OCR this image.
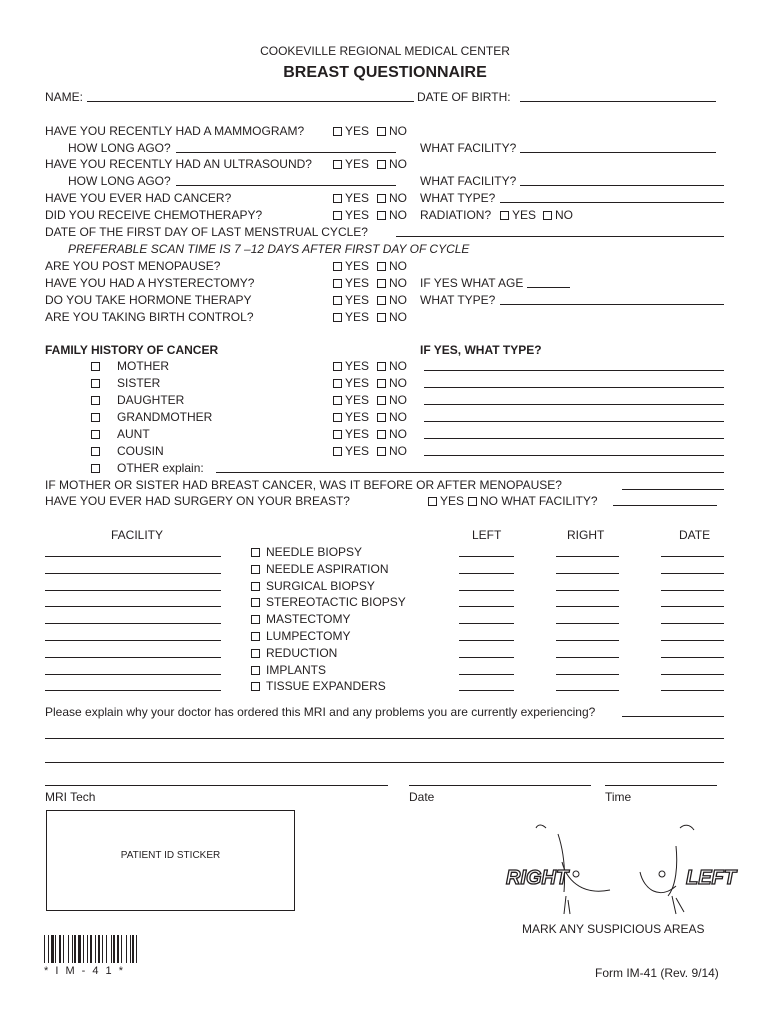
COOKEVILLE REGIONAL MEDICAL CENTER
BREAST QUESTIONNAIRE
NAME:	DATE OF BIRTH:
HAVE YOU RECENTLY HAD A MAMMOGRAM?	YES NO
HOW LONG AGO?	WHAT FACILITY?
HAVE YOU RECENTLY HAD AN ULTRASOUND?	YES NO
HOW LONG AGO?	WHAT FACILITY?
HAVE YOU EVER HAD CANCER?	YES NO WHAT TYPE?
DID YOU RECEIVE CHEMOTHERAPY?	YES NO RADIATION? YES NO
DATE OF THE FIRST DAY OF LAST MENSTRUAL CYCLE?
PREFERABLE SCAN TIME IS 7 –12 DAYS AFTER FIRST DAY OF CYCLE
ARE YOU POST MENOPAUSE?	YES NO
HAVE YOU HAD A HYSTERECTOMY?	YES NO IF YES WHAT AGE
DO YOU TAKE HORMONE THERAPY	YES NO WHAT TYPE?
ARE YOU TAKING BIRTH CONTROL?	YES NO
FAMILY HISTORY OF CANCER	IF YES, WHAT TYPE?
MOTHER	YES NO
SISTER	YES NO
DAUGHTER	YES NO
GRANDMOTHER	YES NO
AUNT	YES NO
COUSIN	YES NO
OTHER explain:
IF MOTHER OR SISTER HAD BREAST CANCER, WAS IT BEFORE OR AFTER MENOPAUSE?
HAVE YOU EVER HAD SURGERY ON YOUR BREAST?	YES NO WHAT FACILITY?
FACILITY	LEFT	RIGHT	DATE
NEEDLE BIOPSY
NEEDLE ASPIRATION
SURGICAL BIOPSY
STEREOTACTIC BIOPSY
MASTECTOMY
LUMPECTOMY
REDUCTION
IMPLANTS
TISSUE EXPANDERS
Please explain why your doctor has ordered this MRI and any problems you are currently experiencing?
MRI Tech	Date	Time
PATIENT ID STICKER
RIGHT	LEFT
MARK ANY SUSPICIOUS AREAS
* I M - 4 1 *	Form IM-41 (Rev. 9/14)
